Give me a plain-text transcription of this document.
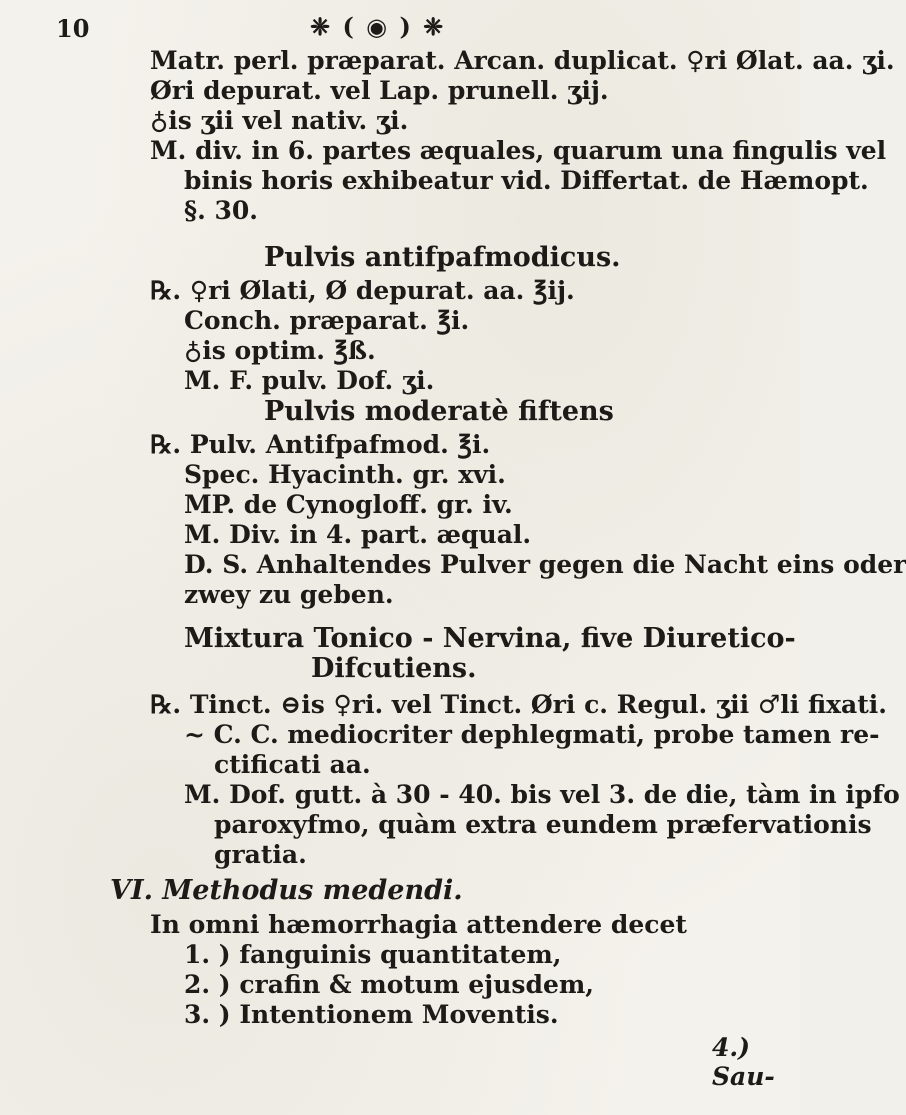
10	❈ ( ◉ ) ❈
Matr. perl. præparat. Arcan. duplicat. ♀ri Ølat. aa. ʒi.
Øri depurat. vel Lap. prunell. ʒij.
♁is ʒii vel nativ. ʒi.
M. div. in 6. partes æquales, quarum una fingulis vel
binis horis exhibeatur vid. Differtat. de Hæmopt.
§. 30.
Pulvis antifpafmodicus.
℞. ♀ri Ølati, Ø depurat. aa. ℥ij.
Conch. præparat. ℥i.
♁is optim. ℥ß.
M. F. pulv. Dof. ʒi.
Pulvis moderatè fiftens
℞. Pulv. Antifpafmod. ℥i.
Spec. Hyacinth. gr. xvi.
MP. de Cynogloff. gr. iv.
M. Div. in 4. part. æqual.
D. S. Anhaltendes Pulver gegen die Nacht eins oder
zwey zu geben.
Mixtura Tonico - Nervina, five Diuretico-
Difcutiens.
℞. Tinct. ⊖is ♀ri. vel Tinct. Øri c. Regul. ʒii ♂li fixati.
~ C. C. mediocriter dephlegmati, probe tamen re-
ctificati aa.
M. Dof. gutt. à 30 - 40. bis vel 3. de die, tàm in ipfo
paroxyfmo, quàm extra eundem præfervationis
gratia.
VI. Methodus medendi.
In omni hæmorrhagia attendere decet
1. ) fanguinis quantitatem,
2. ) crafin & motum ejusdem,
3. ) Intentionem Moventis.
4.) Sau-
